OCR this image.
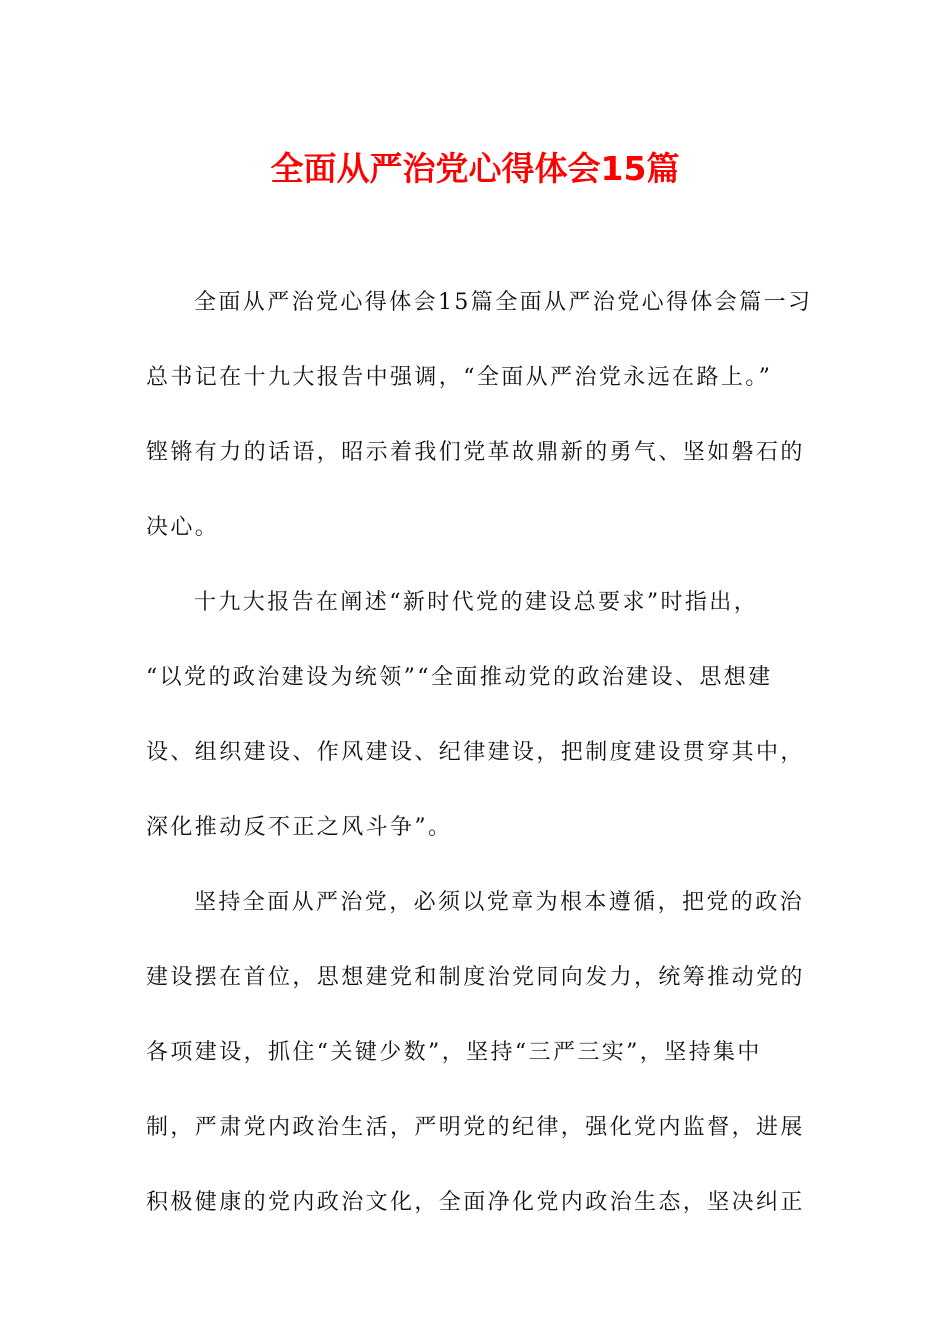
全面从严治党心得体会15篇
全面从严治党心得体会15篇全面从严治党心得体会篇一习
总书记在十九大报告中强调，“全面从严治党永远在路上。”
铿锵有力的话语，昭示着我们党革故鼎新的勇气、坚如磐石的
决心。
十九大报告在阐述“新时代党的建设总要求”时指出，
“以党的政治建设为统领”“全面推动党的政治建设、思想建
设、组织建设、作风建设、纪律建设，把制度建设贯穿其中，
深化推动反不正之风斗争”。
坚持全面从严治党，必须以党章为根本遵循，把党的政治
建设摆在首位，思想建党和制度治党同向发力，统筹推动党的
各项建设，抓住“关键少数”，坚持“三严三实”，坚持集中
制，严肃党内政治生活，严明党的纪律，强化党内监督，进展
积极健康的党内政治文化，全面净化党内政治生态，坚决纠正
